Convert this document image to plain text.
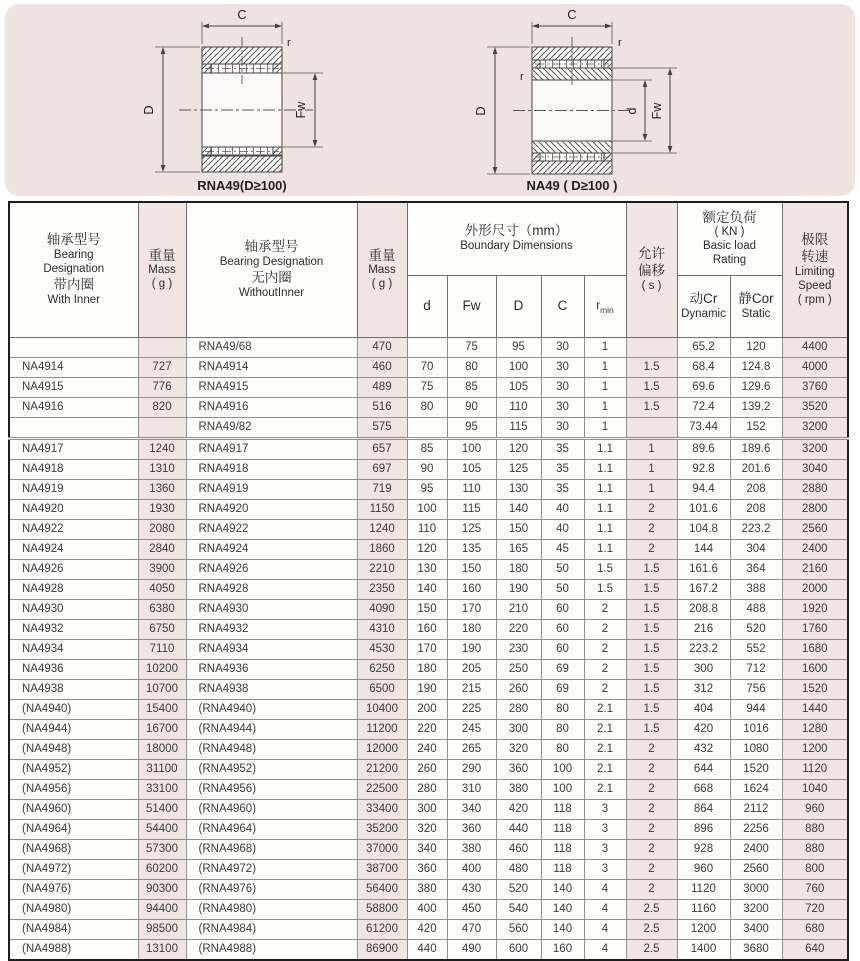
C
r
D	Fw
RNA49(D≥100)
C
r
r
D	d Fw
NA49 ( D≥100 )
轴承型号
Bearing
Designation
带内圈
With Inner

重量
Mass
( g )

轴承型号
Bearing Designation
无内圈
WithoutInner

重量
Mass
( g )

外形尺寸（mm）
Boundary Dimensions	允许
偏移
( s )

额定负荷
( KN )
Basic load
Rating

极限
转速
Limiting
Speed
( rpm )

d	Fw	D	C	$r_{min}$	
动Cr
Dynamic

静Cor
Static

		RNA49/68	470		75	95	30	1		65.2	120	4400
NA4914	727	RNA4914	460	70	80	100	30	1	1.5	68.4	124.8	4000
NA4915	776	RNA4915	489	75	85	105	30	1	1.5	69.6	129.6	3760
NA4916	820	RNA4916	516	80	90	110	30	1	1.5	72.4	139.2	3520
		RNA49/82	575		95	115	30	1		73.44	152	3200
NA4917	1240	RNA4917	657	85	100	120	35	1.1	1	89.6	189.6	3200
NA4918	1310	RNA4918	697	90	105	125	35	1.1	1	92.8	201.6	3040
NA4919	1360	RNA4919	719	95	110	130	35	1.1	1	94.4	208	2880
NA4920	1930	RNA4920	1150	100	115	140	40	1.1	2	101.6	208	2800
NA4922	2080	RNA4922	1240	110	125	150	40	1.1	2	104.8	223.2	2560
NA4924	2840	RNA4924	1860	120	135	165	45	1.1	2	144	304	2400
NA4926	3900	RNA4926	2210	130	150	180	50	1.5	1.5	161.6	364	2160
NA4928	4050	RNA4928	2350	140	160	190	50	1.5	1.5	167.2	388	2000
NA4930	6380	RNA4930	4090	150	170	210	60	2	1.5	208.8	488	1920
NA4932	6750	RNA4932	4310	160	180	220	60	2	1.5	216	520	1760
NA4934	7110	RNA4934	4530	170	190	230	60	2	1.5	223.2	552	1680
NA4936	10200	RNA4936	6250	180	205	250	69	2	1.5	300	712	1600
NA4938	10700	RNA4938	6500	190	215	260	69	2	1.5	312	756	1520
(NA4940)	15400	(RNA4940)	10400	200	225	280	80	2.1	1.5	404	944	1440
(NA4944)	16700	(RNA4944)	11200	220	245	300	80	2.1	1.5	420	1016	1280
(NA4948)	18000	(RNA4948)	12000	240	265	320	80	2.1	2	432	1080	1200
(NA4952)	31100	(RNA4952)	21200	260	290	360	100	2.1	2	644	1520	1120
(NA4956)	33100	(RNA4956)	22500	280	310	380	100	2.1	2	668	1624	1040
(NA4960)	51400	(RNA4960)	33400	300	340	420	118	3	2	864	2112	960
(NA4964)	54400	(RNA4964)	35200	320	360	440	118	3	2	896	2256	880
(NA4968)	57300	(RNA4968)	37000	340	380	460	118	3	2	928	2400	880
(NA4972)	60200	(RNA4972)	38700	360	400	480	118	3	2	960	2560	800
(NA4976)	90300	(RNA4976)	56400	380	430	520	140	4	2	1120	3000	760
(NA4980)	94400	(RNA4980)	58800	400	450	540	140	4	2.5	1160	3200	720
(NA4984)	98500	(RNA4984)	61200	420	470	560	140	4	2.5	1200	3400	680
(NA4988)	13100	(RNA4988)	86900	440	490	600	160	4	2.5	1400	3680	640
